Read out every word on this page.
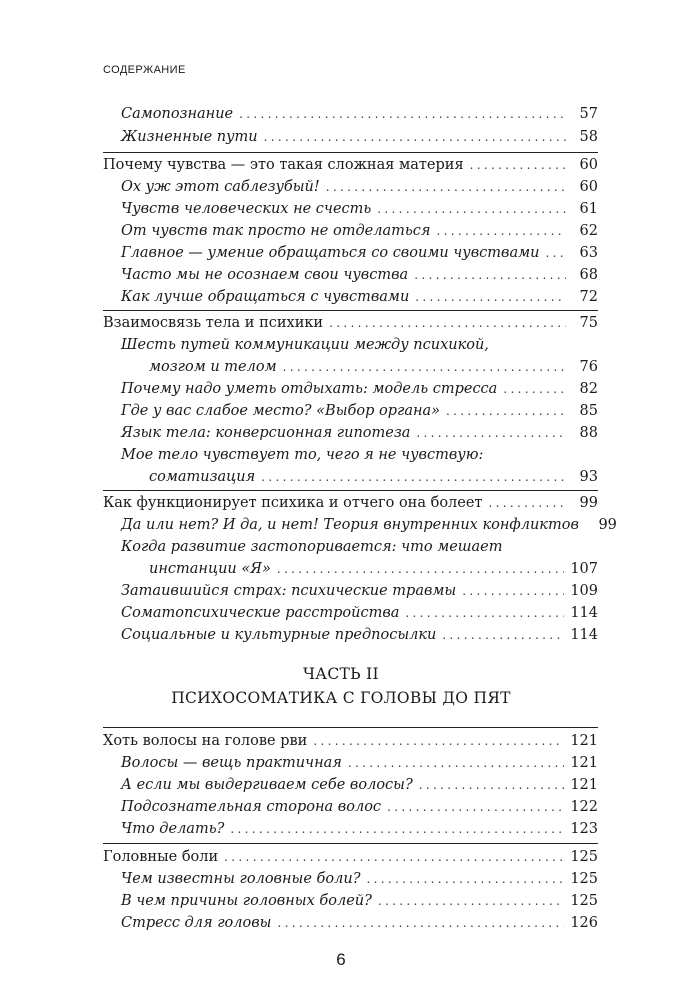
СОДЕРЖАНИЕ
Самопознание . . .	57
Жизненные пути . . .	58
Почему чувства — это такая сложная материя . . .	60
Ох уж этот саблезубый! . . .	60
Чувств человеческих не счесть . . .	61
От чувств так просто не отделаться . . .	62
Главное — умение обращаться со своими чувствами . . .	63
Часто мы не осознаем свои чувства . . .	68
Как лучше обращаться с чувствами . . .	72
Взаимосвязь тела и психики . . .	75
Шесть путей коммуникации между психикой,
мозгом и телом . . .	76
Почему надо уметь отдыхать: модель стресса . . .	82
Где у вас слабое место? «Выбор органа» . . .	85
Язык тела: конверсионная гипотеза . . .	88
Мое тело чувствует то, чего я не чувствую:
соматизация . . .	93
Как функционирует психика и отчего она болеет . . .	99
Да или нет? И да, и нет! Теория внутренних конфликтов	99
Когда развитие застопоривается: что мешает
инстанции «Я» . . .	107
Затаившийся страх: психические травмы . . .	109
Соматопсихические расстройства . . .	114
Социальные и культурные предпосылки . . .	114
ЧАСТЬ II
ПСИХОСОМАТИКА С ГОЛОВЫ ДО ПЯТ
Хоть волосы на голове рви . . .	121
Волосы — вещь практичная . . .	121
А если мы выдергиваем себе волосы? . . .	121
Подсознательная сторона волос . . .	122
Что делать? . . .	123
Головные боли . . .	125
Чем известны головные боли? . . .	125
В чем причины головных болей? . . .	125
Стресс для головы . . .	126
6
